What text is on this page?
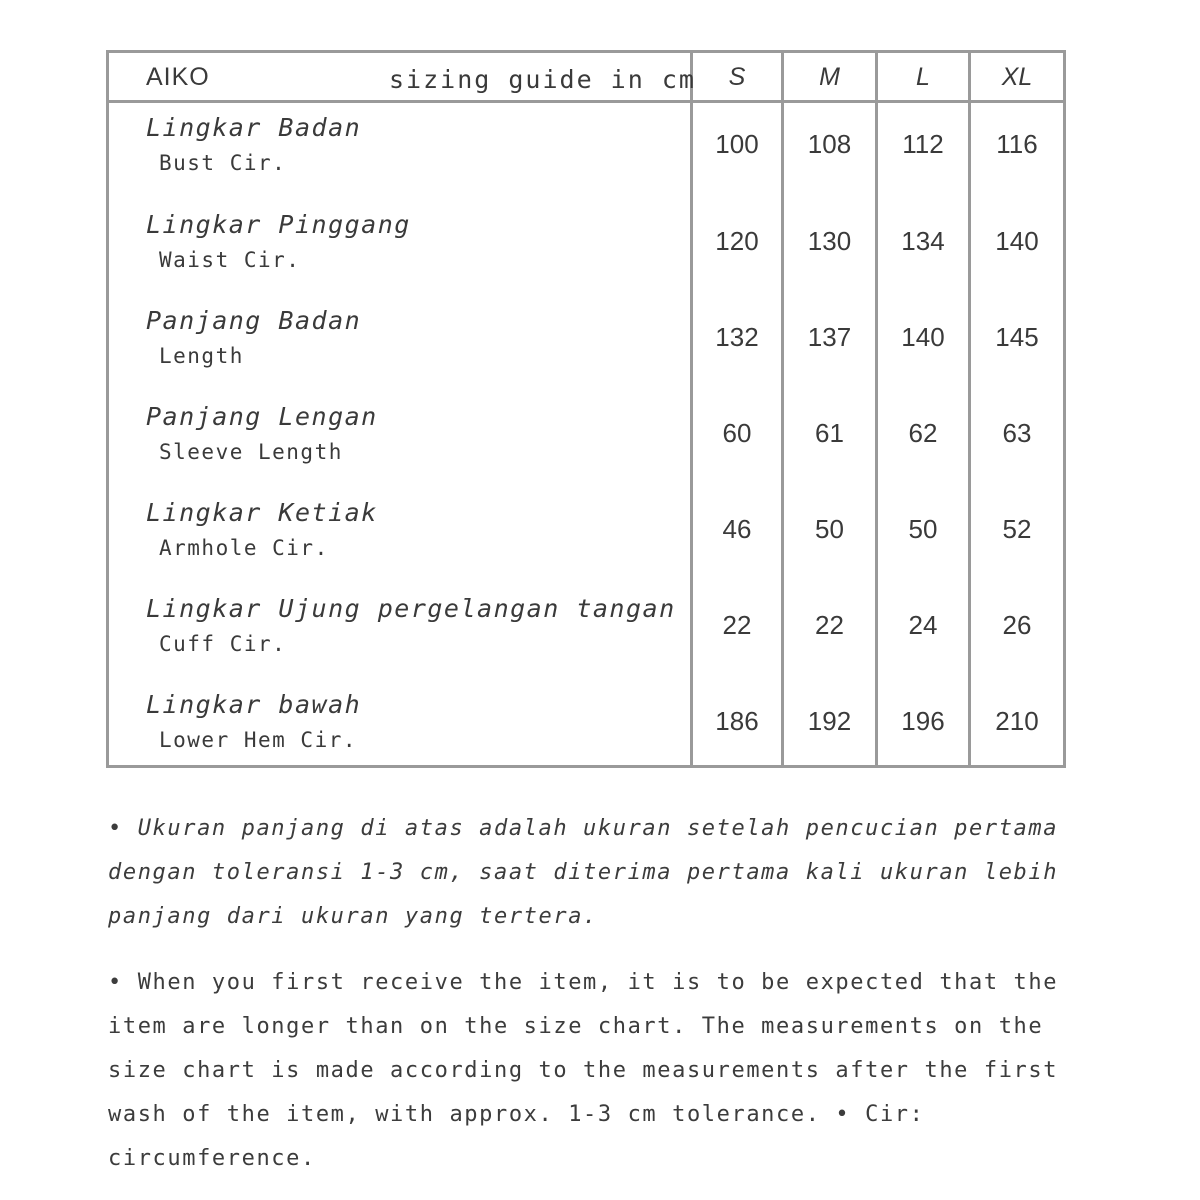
AIKO	sizing guide in cm	S	M	L	XL
Lingkar Badan
Bust Cir.
100	108	112	116
Lingkar Pinggang
Waist Cir.
120	130	134	140
Panjang Badan
Length
132	137	140	145
Panjang Lengan
Sleeve Length
60	61	62	63
Lingkar Ketiak
Armhole Cir.
46	50	50	52
Lingkar Ujung pergelangan tangan
Cuff Cir.
22	22	24	26
Lingkar bawah
Lower Hem Cir.
186	192	196	210

• Ukuran panjang di atas adalah ukuran setelah pencucian pertama dengan toleransi 1-3 cm, saat diterima pertama kali ukuran lebih panjang dari ukuran yang tertera.

• When you first receive the item, it is to be expected that the item are longer than on the size chart. The measurements on the size chart is made according to the measurements after the first wash of the item, with approx. 1-3 cm tolerance. • Cir: circumference.
